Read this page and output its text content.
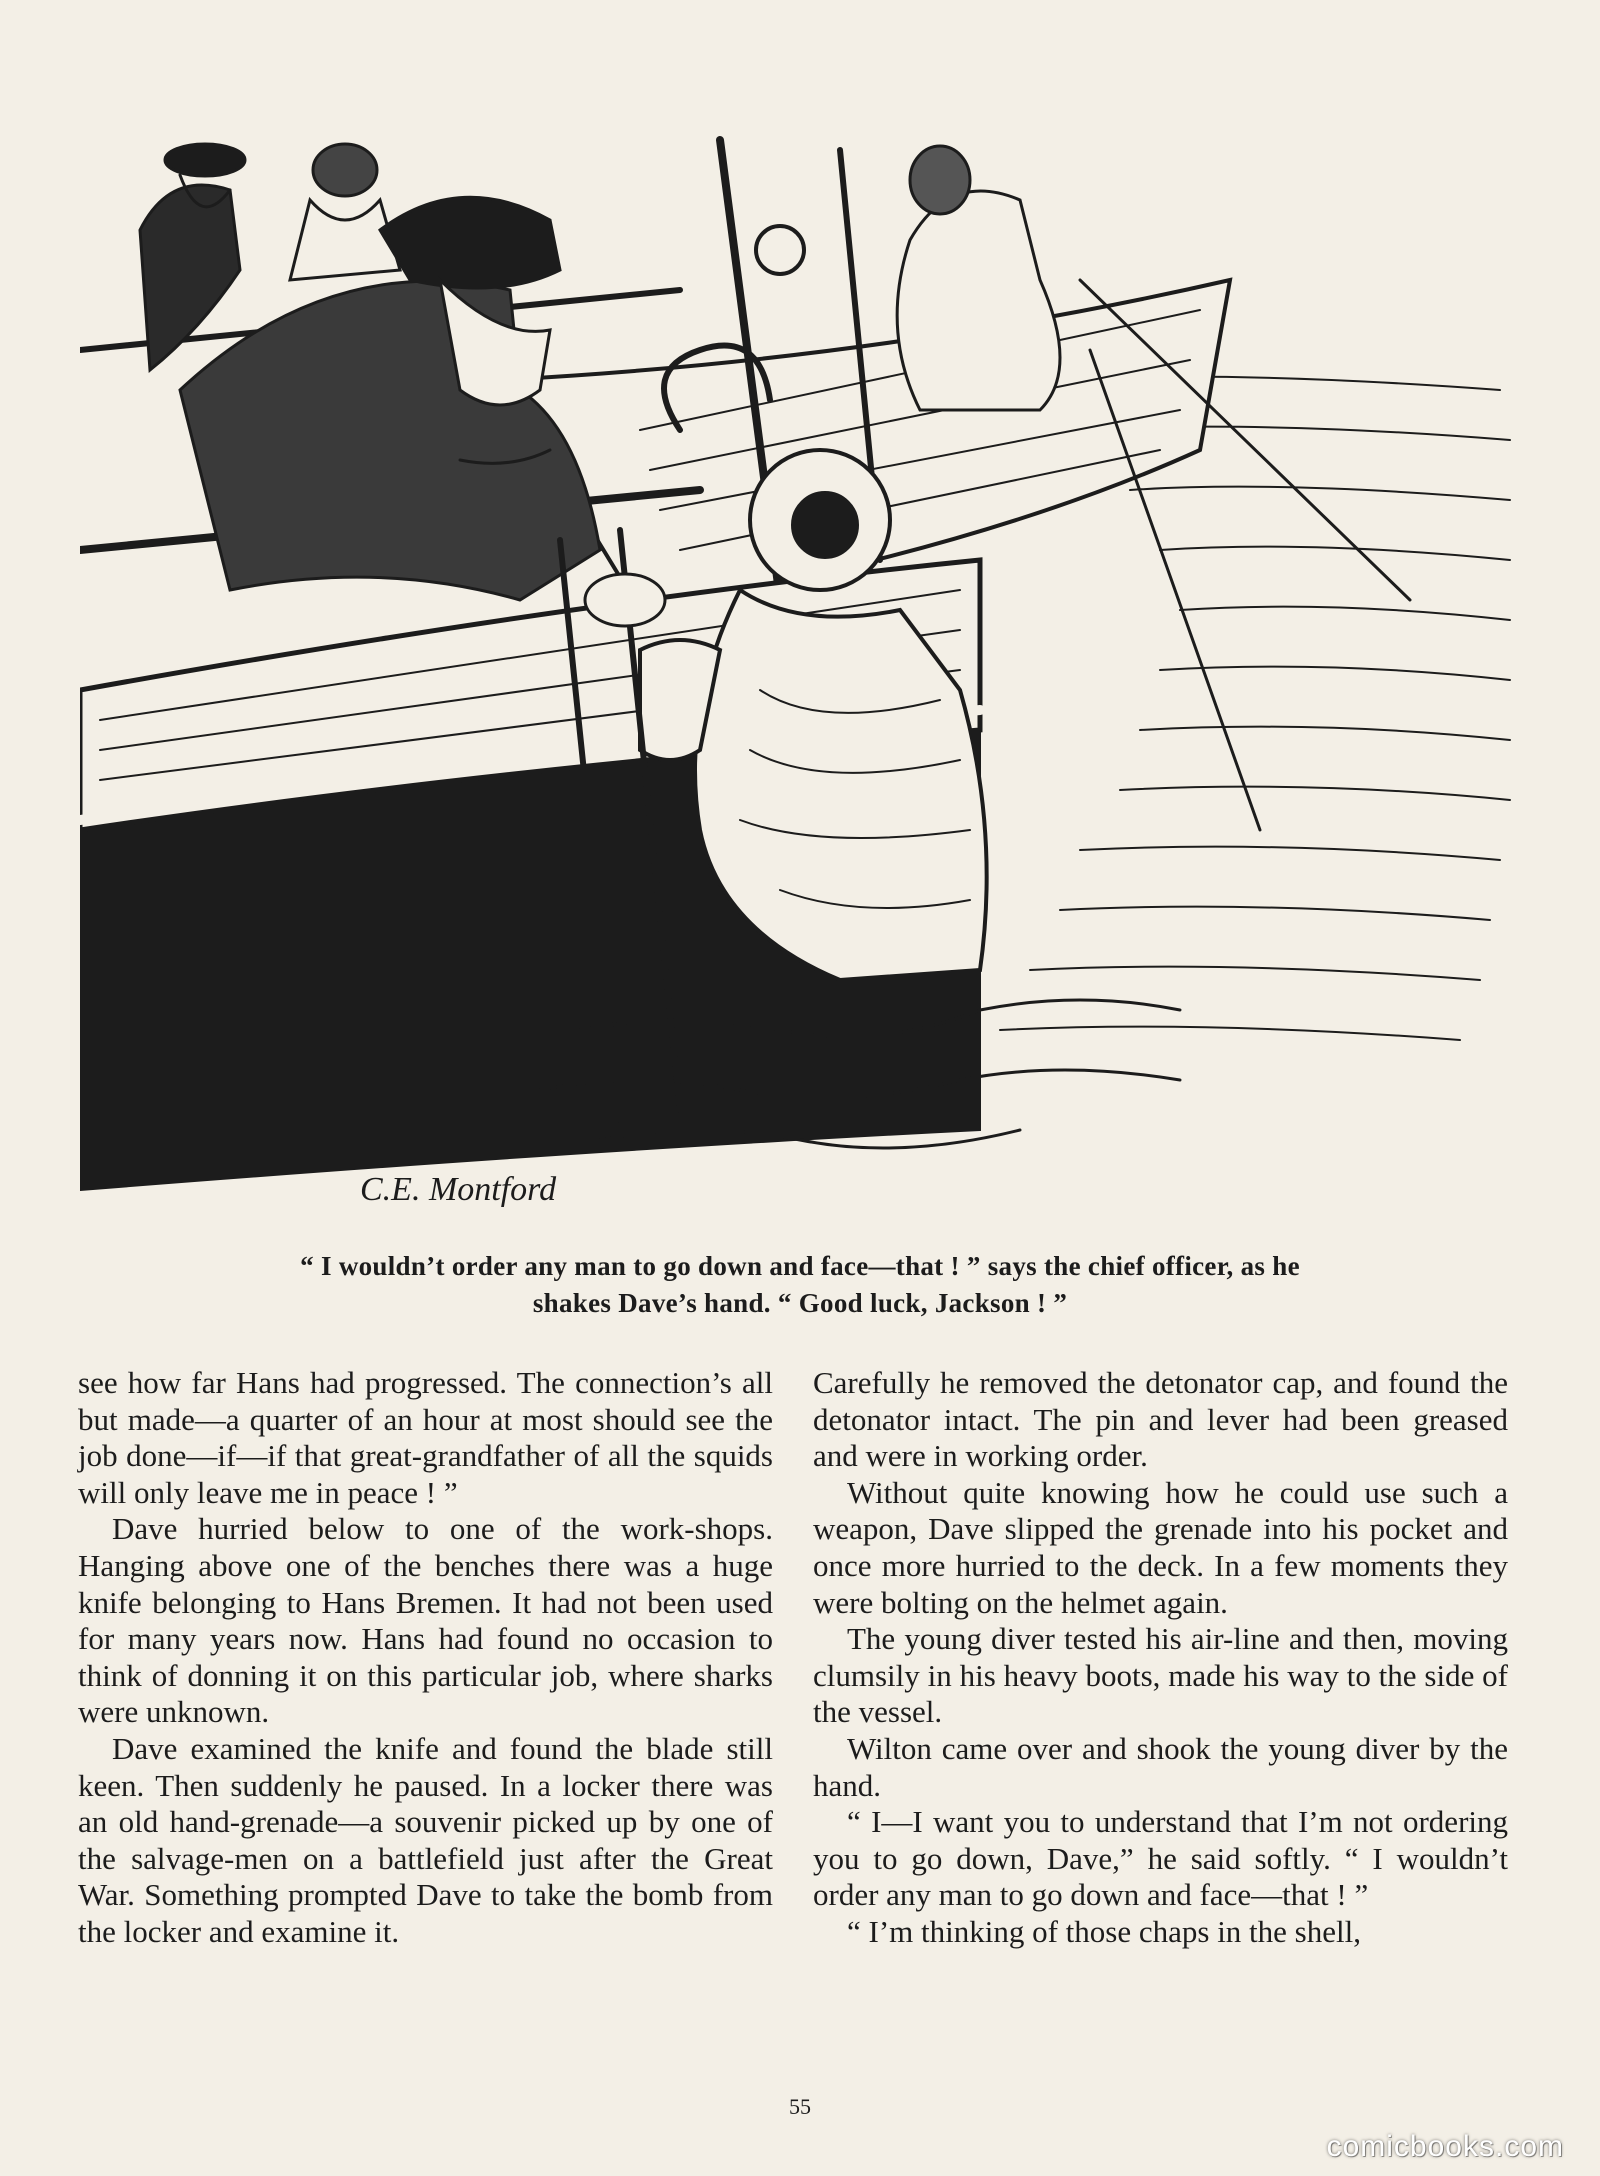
C.E. Montford
“ I wouldn’t order any man to go down and face—that ! ” says the chief officer, as he
shakes Dave’s hand. “ Good luck, Jackson ! ”

see how far Hans had progressed. The connection’s all but made—a quarter of an hour at most should see the job done—if—if that great-grandfather of all the squids will only leave me in peace ! ”

Dave hurried below to one of the work-shops. Hanging above one of the benches there was a huge knife belonging to Hans Bremen. It had not been used for many years now. Hans had found no occasion to think of donning it on this particular job, where sharks were unknown.

Dave examined the knife and found the blade still keen. Then suddenly he paused. In a locker there was an old hand-grenade—a souvenir picked up by one of the salvage-men on a battlefield just after the Great War. Something prompted Dave to take the bomb from the locker and examine it.

Carefully he removed the detonator cap, and found the detonator intact. The pin and lever had been greased and were in working order.

Without quite knowing how he could use such a weapon, Dave slipped the grenade into his pocket and once more hurried to the deck. In a few moments they were bolting on the helmet again.

The young diver tested his air-line and then, moving clumsily in his heavy boots, made his way to the side of the vessel.

Wilton came over and shook the young diver by the hand.

“ I—I want you to understand that I’m not ordering you to go down, Dave,” he said softly. “ I wouldn’t order any man to go down and face—that ! ”

“ I’m thinking of those chaps in the shell,

55
comicbooks.com
